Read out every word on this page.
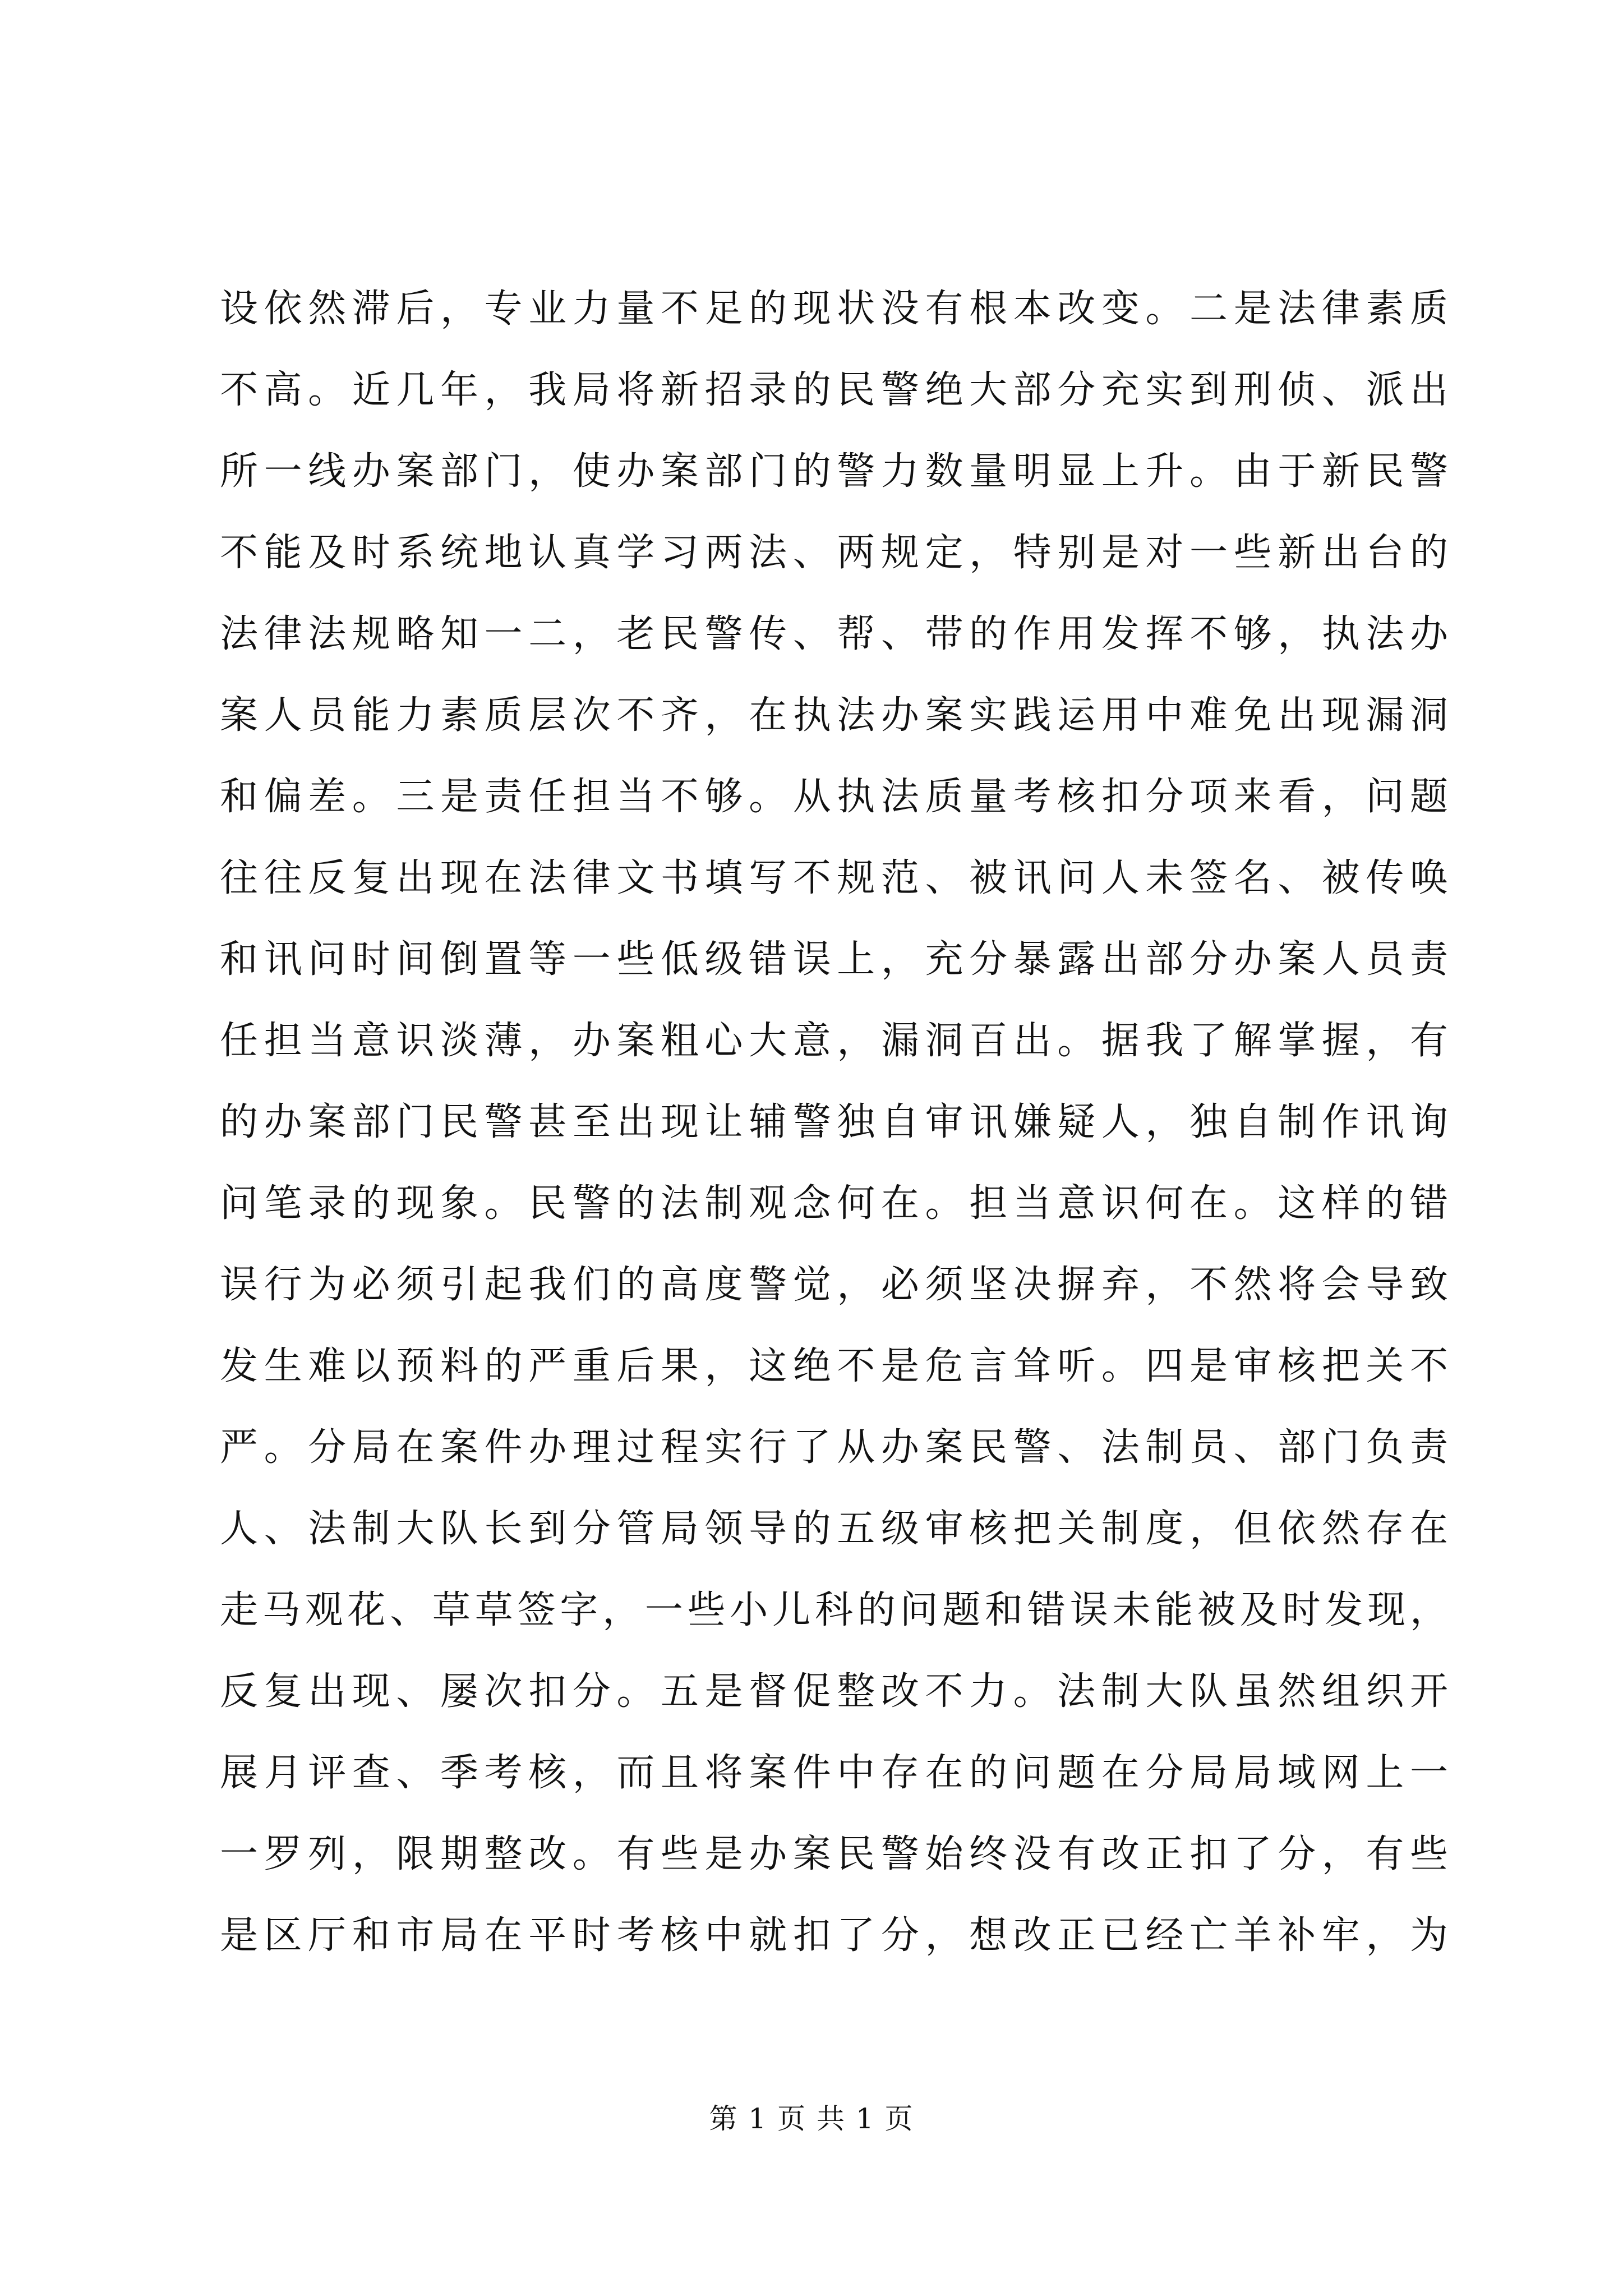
设依然滞后，专业力量不足的现状没有根本改变。二是法律素质
不高。近几年，我局将新招录的民警绝大部分充实到刑侦、派出
所一线办案部门，使办案部门的警力数量明显上升。由于新民警
不能及时系统地认真学习两法、两规定，特别是对一些新出台的
法律法规略知一二，老民警传、帮、带的作用发挥不够，执法办
案人员能力素质层次不齐，在执法办案实践运用中难免出现漏洞
和偏差。三是责任担当不够。从执法质量考核扣分项来看，问题
往往反复出现在法律文书填写不规范、被讯问人未签名、被传唤
和讯问时间倒置等一些低级错误上，充分暴露出部分办案人员责
任担当意识淡薄，办案粗心大意，漏洞百出。据我了解掌握，有
的办案部门民警甚至出现让辅警独自审讯嫌疑人，独自制作讯询
问笔录的现象。民警的法制观念何在。担当意识何在。这样的错
误行为必须引起我们的高度警觉，必须坚决摒弃，不然将会导致
发生难以预料的严重后果，这绝不是危言耸听。四是审核把关不
严。分局在案件办理过程实行了从办案民警、法制员、部门负责
人、法制大队长到分管局领导的五级审核把关制度，但依然存在
走马观花、草草签字，一些小儿科的问题和错误未能被及时发现，
反复出现、屡次扣分。五是督促整改不力。法制大队虽然组织开
展月评查、季考核，而且将案件中存在的问题在分局局域网上一
一罗列，限期整改。有些是办案民警始终没有改正扣了分，有些
是区厅和市局在平时考核中就扣了分，想改正已经亡羊补牢，为
第 1 页 共 1 页
